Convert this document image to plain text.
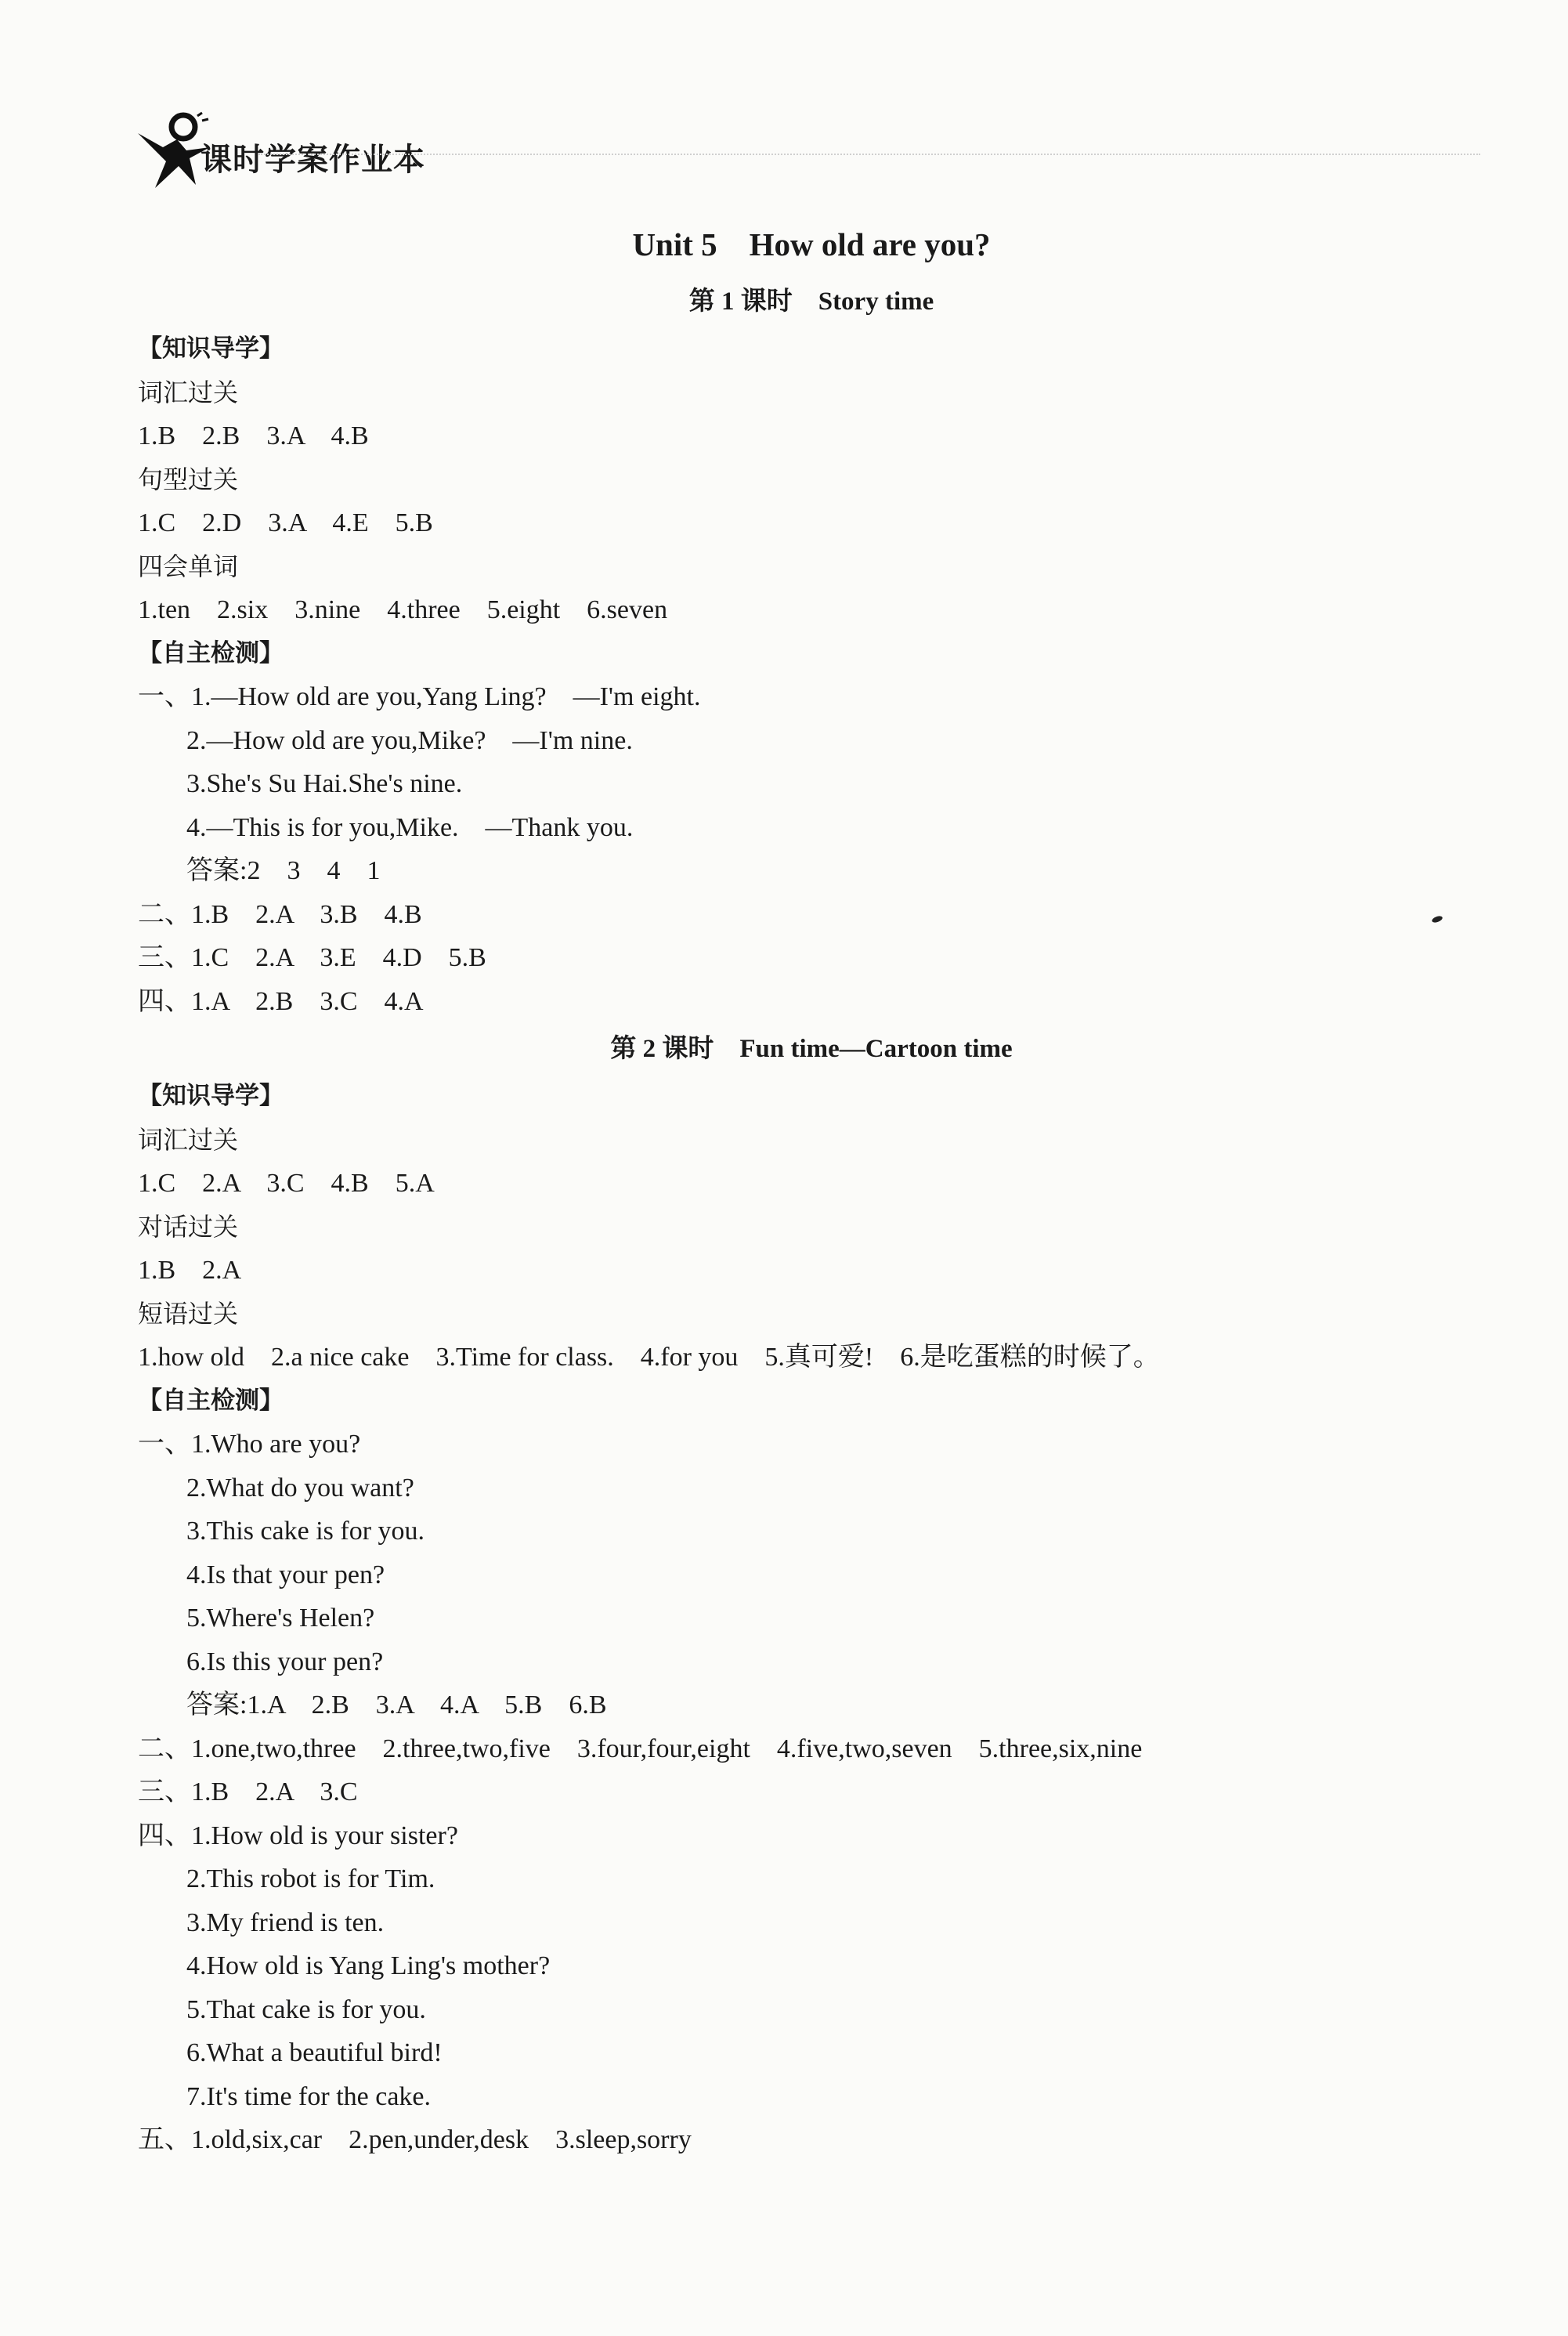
课时学案作业本
Unit 5　How old are you?
第 1 课时　Story time
【知识导学】
词汇过关
1.B　2.B　3.A　4.B
句型过关
1.C　2.D　3.A　4.E　5.B
四会单词
1.ten　2.six　3.nine　4.three　5.eight　6.seven
【自主检测】
一、1.—How old are you,Yang Ling?　—I'm eight.
2.—How old are you,Mike?　—I'm nine.
3.She's Su Hai.She's nine.
4.—This is for you,Mike.　—Thank you.
答案:2　3　4　1
二、1.B　2.A　3.B　4.B
三、1.C　2.A　3.E　4.D　5.B
四、1.A　2.B　3.C　4.A
第 2 课时　Fun time—Cartoon time
【知识导学】
词汇过关
1.C　2.A　3.C　4.B　5.A
对话过关
1.B　2.A
短语过关
1.how old　2.a nice cake　3.Time for class.　4.for you　5.真可爱!　6.是吃蛋糕的时候了。
【自主检测】
一、1.Who are you?
2.What do you want?
3.This cake is for you.
4.Is that your pen?
5.Where's Helen?
6.Is this your pen?
答案:1.A　2.B　3.A　4.A　5.B　6.B
二、1.one,two,three　2.three,two,five　3.four,four,eight　4.five,two,seven　5.three,six,nine
三、1.B　2.A　3.C
四、1.How old is your sister?
2.This robot is for Tim.
3.My friend is ten.
4.How old is Yang Ling's mother?
5.That cake is for you.
6.What a beautiful bird!
7.It's time for the cake.
五、1.old,six,car　2.pen,under,desk　3.sleep,sorry
